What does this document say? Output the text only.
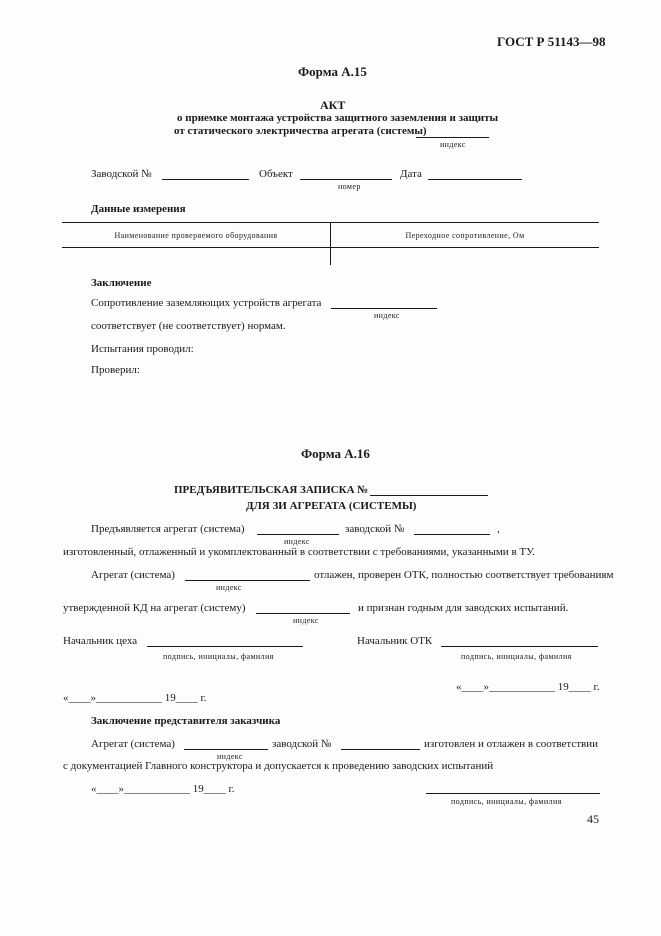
ГОСТ Р 51143—98
Форма А.15
АКТ
о приемке монтажа устройства защитного заземления и защиты
от статического электричества агрегата (системы)
индекс
Заводской №	Объект
номер
Дата
Данные измерения
Наименование проверяемого оборудования	Переходное сопротивление, Ом

Заключение
Сопротивление заземляющих устройств агрегата
индекс
соответствует (не соответствует) нормам.
Испытания проводил:
Проверил:
Форма А.16
ПРЕДЪЯВИТЕЛЬСКАЯ ЗАПИСКА №
ДЛЯ ЗИ АГРЕГАТА (СИСТЕМЫ)
Предъявляется агрегат (система)	заводской №	,
индекс
изготовленный, отлаженный и укомплектованный в соответствии с требованиями, указанными в ТУ.
Агрегат (система)	отлажен, проверен ОТК, полностью соответствует требованиям
индекс
утвержденной КД на агрегат (систему)	и признан годным для заводских испытаний.
индекс
Начальник цеха
подпись, инициалы, фамилия
Начальник ОТК
подпись, инициалы, фамилия
«____»____________ 19____ г.
«____»____________ 19____ г.
Заключение представителя заказчика
Агрегат (система)	заводской №	изготовлен и отлажен в соответствии
индекс
с документацией Главного конструктора и допускается к проведению заводских испытаний
«____»____________ 19____ г.
подпись, инициалы, фамилия
45
